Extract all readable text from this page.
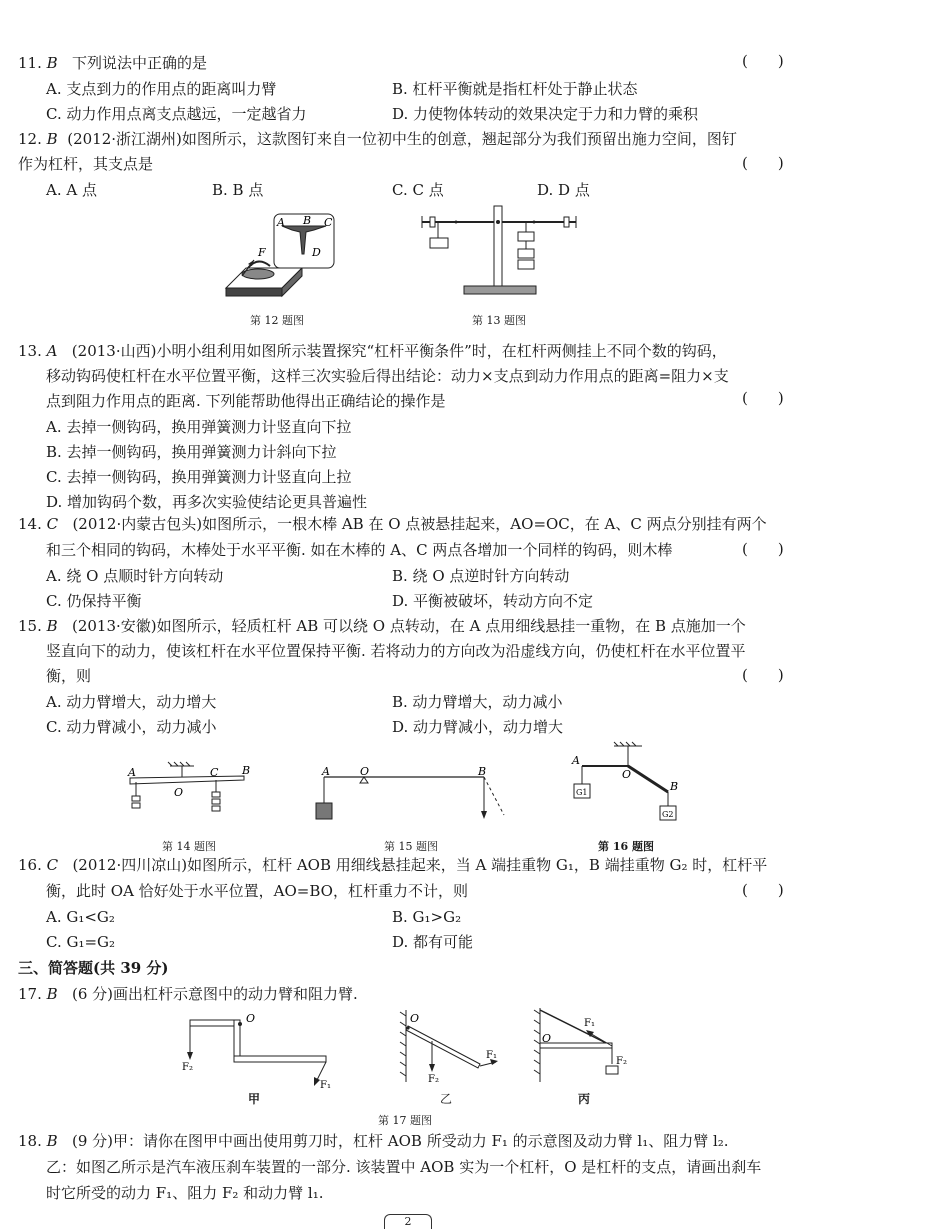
11. B 下列说法中正确的是	(　　)
A. 支点到力的作用点的距离叫力臂	B. 杠杆平衡就是指杠杆处于静止状态
C. 动力作用点离支点越远，一定越省力	D. 力使物体转动的效果决定于力和力臂的乘积
12. B (2012·浙江湖州)如图所示，这款图钉来自一位初中生的创意，翘起部分为我们预留出施力空间，图钉
作为杠杆，其支点是	(　　)
A. A 点	B. B 点	C. C 点	D. D 点
A B C
D
F
第 12 题图	第 13 题图
13. A (2013·山西)小明小组利用如图所示装置探究“杠杆平衡条件”时，在杠杆两侧挂上不同个数的钩码，
移动钩码使杠杆在水平位置平衡，这样三次实验后得出结论：动力×支点到动力作用点的距离=阻力×支
点到阻力作用点的距离. 下列能帮助他得出正确结论的操作是	(　　)
A. 去掉一侧钩码，换用弹簧测力计竖直向下拉
B. 去掉一侧钩码，换用弹簧测力计斜向下拉
C. 去掉一侧钩码，换用弹簧测力计竖直向上拉
D. 增加钩码个数，再多次实验使结论更具普遍性
14. C (2012·内蒙古包头)如图所示，一根木棒 AB 在 O 点被悬挂起来，AO=OC，在 A、C 两点分别挂有两个
和三个相同的钩码，木棒处于水平平衡. 如在木棒的 A、C 两点各增加一个同样的钩码，则木棒	(　　)
A. 绕 O 点顺时针方向转动	B. 绕 O 点逆时针方向转动
C. 仍保持平衡	D. 平衡被破坏，转动方向不定
15. B (2013·安徽)如图所示，轻质杠杆 AB 可以绕 O 点转动，在 A 点用细线悬挂一重物，在 B 点施加一个
竖直向下的动力，使该杠杆在水平位置保持平衡. 若将动力的方向改为沿虚线方向，仍使杠杆在水平位置平
衡，则	(　　)
A. 动力臂增大，动力增大	B. 动力臂增大，动力减小
C. 动力臂减小，动力减小	D. 动力臂减小，动力增大
A	C B
O
第 14 题图
A	O	B
第 15 题图
A
O
B
G1
G2
第 16 题图
16. C (2012·四川凉山)如图所示，杠杆 AOB 用细线悬挂起来，当 A 端挂重物 G₁，B 端挂重物 G₂ 时，杠杆平
衡，此时 OA 恰好处于水平位置，AO=BO，杠杆重力不计，则	(　　)
A. G₁<G₂	B. G₁>G₂
C. G₁=G₂	D. 都有可能
三、简答题(共 39 分)
17. B (6 分)画出杠杆示意图中的动力臂和阻力臂.
O
F₂
F₁
甲
O
F₂
F₁
乙
O
F₂
F₁
丙
第 17 题图
18. B (9 分)甲：请你在图甲中画出使用剪刀时，杠杆 AOB 所受动力 F₁ 的示意图及动力臂 l₁、阻力臂 l₂.
乙：如图乙所示是汽车液压刹车装置的一部分. 该装置中 AOB 实为一个杠杆，O 是杠杆的支点，请画出刹车
时它所受的动力 F₁、阻力 F₂ 和动力臂 l₁.
2
